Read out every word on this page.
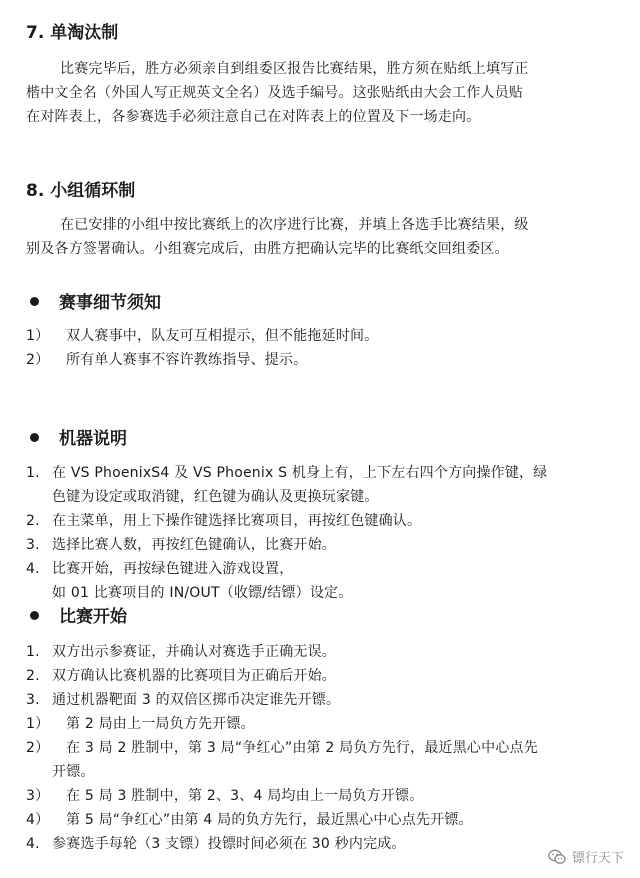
7. 单淘汰制
比赛完毕后，胜方必须亲自到组委区报告比赛结果，胜方须在贴纸上填写正
楷中文全名（外国人写正规英文全名）及选手编号。这张贴纸由大会工作人员贴
在对阵表上，各参赛选手必须注意自己在对阵表上的位置及下一场走向。
8. 小组循环制
在已安排的小组中按比赛纸上的次序进行比赛，并填上各选手比赛结果，级
别及各方签署确认。小组赛完成后，由胜方把确认完毕的比赛纸交回组委区。
赛事细节须知
1） 双人赛事中，队友可互相提示，但不能拖延时间。
2） 所有单人赛事不容许教练指导、提示。
机器说明
1. 在 VS PhoenixS4 及 VS Phoenix S 机身上有，上下左右四个方向操作键，绿
色键为设定或取消键，红色键为确认及更换玩家键。
2. 在主菜单，用上下操作键选择比赛项目，再按红色键确认。
3. 选择比赛人数，再按红色键确认，比赛开始。
4. 比赛开始，再按绿色键进入游戏设置，
如 01 比赛项目的 IN/OUT（收镖/结镖）设定。
比赛开始
1. 双方出示参赛证，并确认对赛选手正确无误。
2. 双方确认比赛机器的比赛项目为正确后开始。
3. 通过机器靶面 3 的双倍区掷币决定谁先开镖。
1） 第 2 局由上一局负方先开镖。
2） 在 3 局 2 胜制中，第 3 局“争红心”由第 2 局负方先行，最近黑心中心点先
开镖。
3） 在 5 局 3 胜制中，第 2、3、4 局均由上一局负方开镖。
4） 第 5 局“争红心”由第 4 局的负方先行，最近黑心中心点先开镖。
4. 参赛选手每轮（3 支镖）投镖时间必须在 30 秒内完成。
镖行天下
